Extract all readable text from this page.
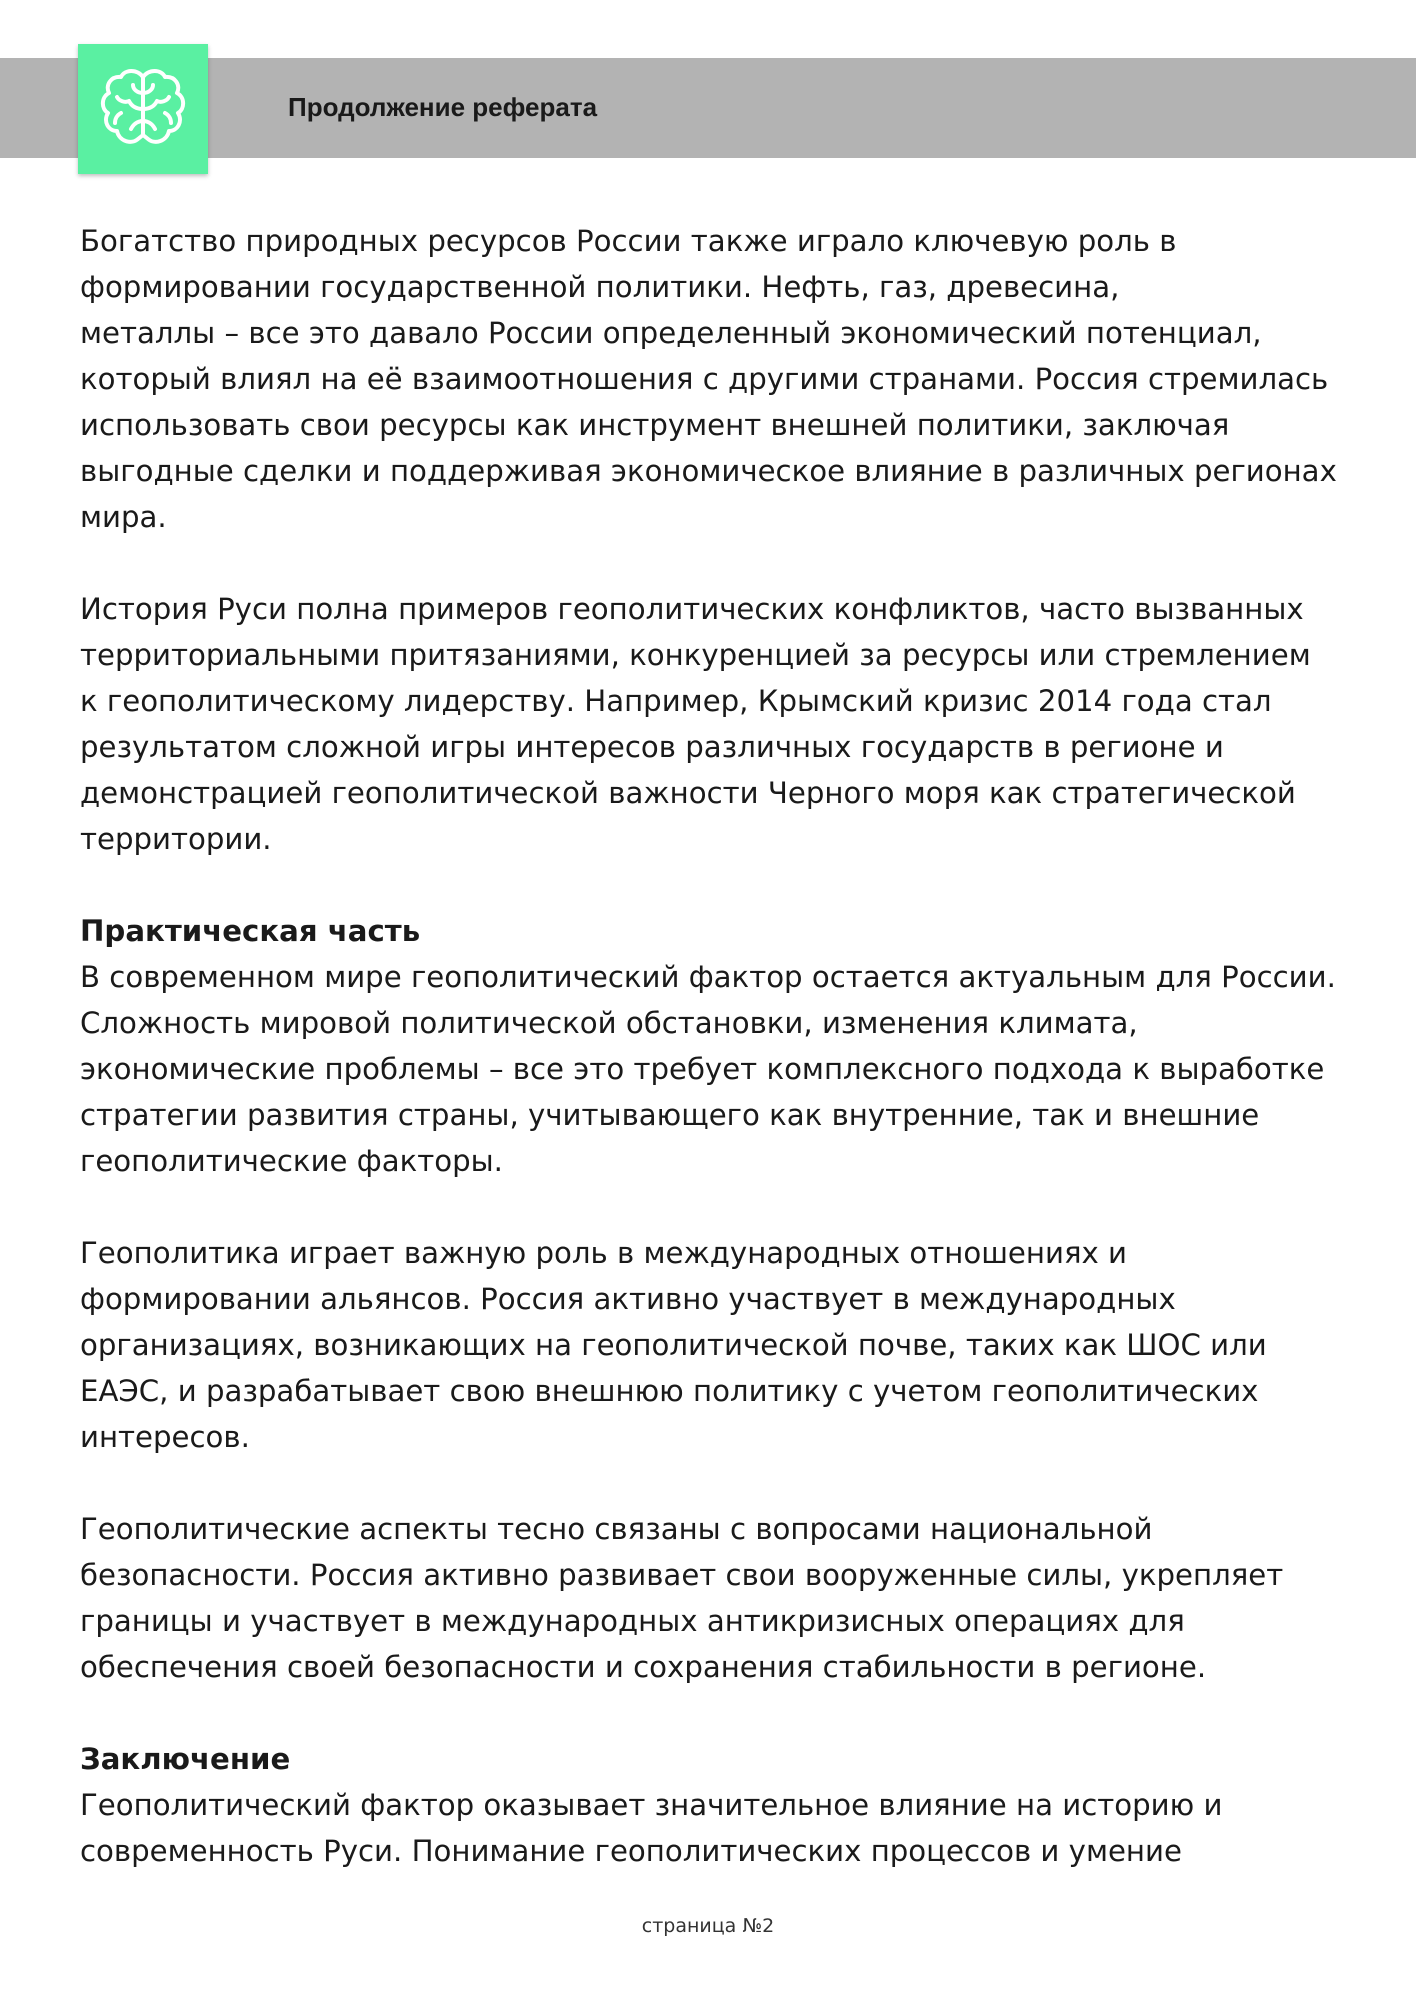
Продолжение реферата

Богатство природных ресурсов России также играло ключевую роль в
формировании государственной политики. Нефть, газ, древесина,
металлы – все это давало России определенный экономический потенциал,
который влиял на её взаимоотношения с другими странами. Россия стремилась
использовать свои ресурсы как инструмент внешней политики, заключая
выгодные сделки и поддерживая экономическое влияние в различных регионах
мира.

История Руси полна примеров геополитических конфликтов, часто вызванных
территориальными притязаниями, конкуренцией за ресурсы или стремлением
к геополитическому лидерству. Например, Крымский кризис 2014 года стал
результатом сложной игры интересов различных государств в регионе и
демонстрацией геополитической важности Черного моря как стратегической
территории.

Практическая часть

В современном мире геополитический фактор остается актуальным для России.
Сложность мировой политической обстановки, изменения климата,
экономические проблемы – все это требует комплексного подхода к выработке
стратегии развития страны, учитывающего как внутренние, так и внешние
геополитические факторы.

Геополитика играет важную роль в международных отношениях и
формировании альянсов. Россия активно участвует в международных
организациях, возникающих на геополитической почве, таких как ШОС или
ЕАЭС, и разрабатывает свою внешнюю политику с учетом геополитических
интересов.

Геополитические аспекты тесно связаны с вопросами национальной
безопасности. Россия активно развивает свои вооруженные силы, укрепляет
границы и участвует в международных антикризисных операциях для
обеспечения своей безопасности и сохранения стабильности в регионе.

Заключение

Геополитический фактор оказывает значительное влияние на историю и
современность Руси. Понимание геополитических процессов и умение

страница №2
